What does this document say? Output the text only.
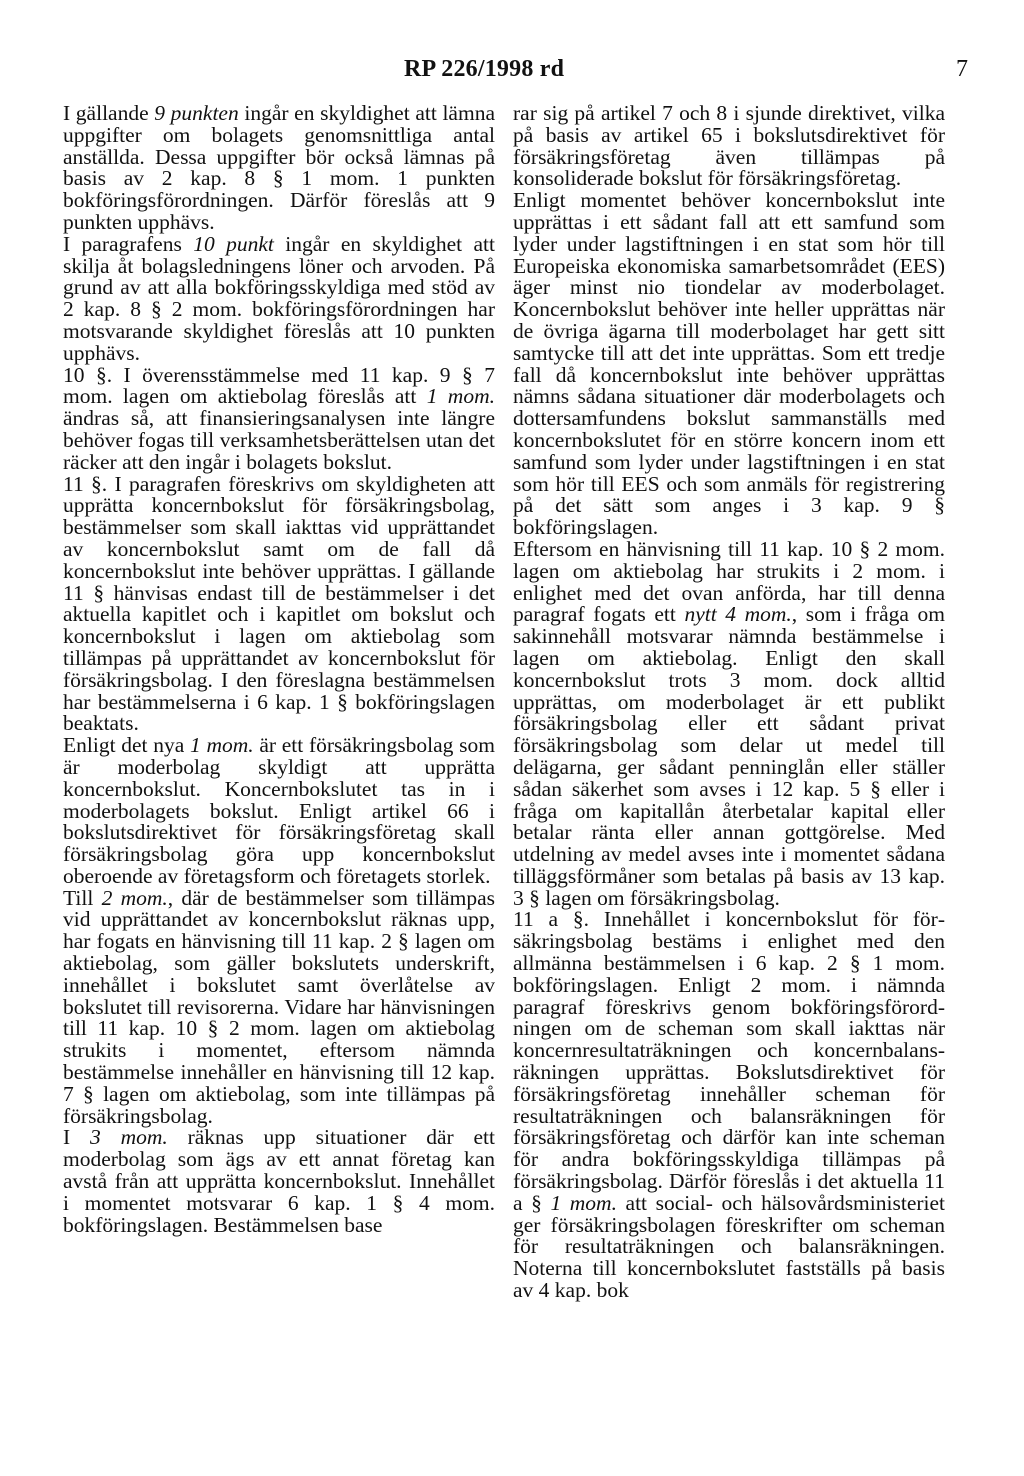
RP 226/1998 rd	7

I gällande 9 punkten ingår en skyldighet att lämna uppgifter om bolagets genomsnittliga antal anställda. Dessa uppgifter bör också lämnas på basis av 2 kap. 8 § 1 mom. 1 punkten bokföringsförordningen. Därför föreslås att 9 punkten upphävs.

I paragrafens 10 punkt ingår en skyldighet att skilja åt bolagsledningens löner och arvoden. På grund av att alla bokföringsskyldiga med stöd av 2 kap. 8 § 2 mom. bokföringsförordningen har motsvarande skyldighet föreslås att 10 punkten upphävs.

10 §. I överensstämmelse med 11 kap. 9 § 7 mom. lagen om aktiebolag föreslås att 1 mom. ändras så, att finansieringsanalysen inte längre behöver fogas till verksamhetsberättelsen utan det räcker att den ingår i bolagets bokslut.

11 §. I paragrafen föreskrivs om skyldigheten att upprätta koncernbokslut för försäkringsbolag, bestämmelser som skall iakttas vid upprättandet av koncernbokslut samt om de fall då koncernbokslut inte behöver upprättas. I gällande 11 § hänvisas endast till de bestämmelser i det aktuella kapitlet och i kapitlet om bokslut och koncernbokslut i lagen om aktiebolag som tillämpas på upprättandet av koncernbokslut för försäkringsbolag. I den föreslagna bestämmelsen har bestämmelserna i 6 kap. 1 § bokföringslagen beaktats.

Enligt det nya 1 mom. är ett försäkringsbolag som är moderbolag skyldigt att upprätta koncernbokslut. Koncernbokslutet tas in i moderbolagets bokslut. Enligt artikel 66 i bokslutsdirektivet för försäkringsföretag skall försäkringsbolag göra upp koncernbokslut oberoende av företagsform och företagets storlek.

Till 2 mom., där de bestämmelser som tillämpas vid upprättandet av koncernbokslut räknas upp, har fogats en hänvisning till 11 kap. 2 § lagen om aktiebolag, som gäller bokslutets underskrift, innehållet i bokslutet samt överlåtelse av bokslutet till revisorerna. Vidare har hänvisningen till 11 kap. 10 § 2 mom. lagen om aktiebolag strukits i momentet, eftersom nämnda bestämmelse innehåller en hänvisning till 12 kap. 7 § lagen om aktiebolag, som inte tillämpas på försäkringsbolag.

I 3 mom. räknas upp situationer där ett moderbolag som ägs av ett annat företag kan avstå från att upprätta koncernbokslut. Innehållet i momentet motsvarar 6 kap. 1 § 4 mom. bokföringslagen. Bestämmelsen base

rar sig på artikel 7 och 8 i sjunde direktivet, vilka på basis av artikel 65 i bokslutsdirektivet för försäkringsföretag även tillämpas på konsoliderade bokslut för försäkringsföretag.

Enligt momentet behöver koncernbokslut inte upprättas i ett sådant fall att ett samfund som lyder under lagstiftningen i en stat som hör till Europeiska ekonomiska samarbetsområdet (EES) äger minst nio tiondelar av moderbolaget. Koncernbokslut behöver inte heller upprättas när de övriga ägarna till moderbolaget har gett sitt samtycke till att det inte upprättas. Som ett tredje fall då koncernbokslut inte behöver upprättas nämns sådana situationer där moderbolagets och dottersamfundens bokslut sammanställs med koncernbokslutet för en större koncern inom ett samfund som lyder under lagstiftningen i en stat som hör till EES och som anmäls för registrering på det sätt som anges i 3 kap. 9 § bokföringslagen.

Eftersom en hänvisning till 11 kap. 10 § 2 mom. lagen om aktiebolag har strukits i 2 mom. i enlighet med det ovan anförda, har till denna paragraf fogats ett nytt 4 mom., som i fråga om sakinnehåll motsvarar nämnda bestämmelse i lagen om aktiebolag. Enligt den skall koncernbokslut trots 3 mom. dock alltid upprättas, om moderbolaget är ett publikt försäkringsbolag eller ett sådant privat försäkringsbolag som delar ut medel till delägarna, ger sådant penninglån eller ställer sådan säkerhet som avses i 12 kap. 5 § eller i fråga om kapitallån återbetalar kapital eller betalar ränta eller annan gottgörelse. Med utdelning av medel avses inte i momentet sådana tilläggsförmåner som betalas på basis av 13 kap. 3 § lagen om försäkringsbolag.

11 a §. Innehållet i koncernbokslut för försäkringsbolag bestäms i enlighet med den allmänna bestämmelsen i 6 kap. 2 § 1 mom. bokföringslagen. Enligt 2 mom. i nämnda paragraf föreskrivs genom bokföringsförordningen om de scheman som skall iakttas när koncernresultaträkningen och koncernbalansräkningen upprättas. Bokslutsdirektivet för försäkringsföretag innehåller scheman för resultaträkningen och balansräkningen för försäkringsföretag och därför kan inte scheman för andra bokföringsskyldiga tillämpas på försäkringsbolag. Därför föreslås i det aktuella 11 a § 1 mom. att social- och hälsovårdsministeriet ger försäkringsbolagen föreskrifter om scheman för resultaträkningen och balansräkningen. Noterna till koncernbokslutet fastställs på basis av 4 kap. bok
